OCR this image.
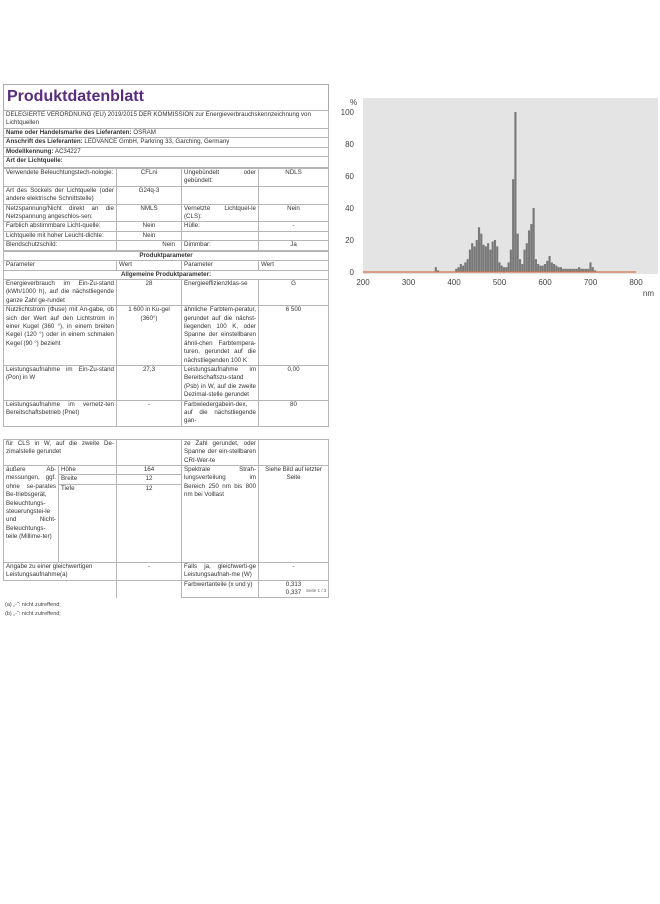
Produktdatenblatt
DELEGIERTE VERORDNUNG (EU) 2019/2015 DER KOMMISSION zur Energieverbrauchskennzeichnung von Lichtquellen
Name oder Handelsmarke des Lieferanten: OSRAM
Anschrift des Lieferanten: LEDVANCE GmbH, Parkring 33, Garching, Germany
Modellkennung: AC34227
Art der Lichtquelle:
Verwendete Beleuchtungstech-nologie:	CFLni	Ungebündelt oder gebündelt:	NDLS
Art des Sockels der Lichtquelle (oder andere elektrische Schnittstelle)	G24q-3		
Netzspannung/Nicht direkt an die Netzspannung angeschlos-sen:	NMLS	Vernetzte Lichtquel-le (CLS):	Nein
Farblich abstimmbare Licht-quelle:	Nein	Hülle:	-
Lichtquelle mit hoher Leucht-dichte:	Nein		
Blendschutzschild:	Nein	Dimmbar:	Ja
Produktparameter			
Parameter	Wert	Parameter	Wert
Allgemeine Produktparameter:			
Energieverbrauch im Ein-Zu-stand (kWh/1000 h), auf die nächstliegende ganze Zahl ge-rundet	28	Energieeffizienzklas-se	G
Nutzlichtstrom (Φuse) mit An-gabe, ob sich der Wert auf den Lichtstrom in einer Kugel (360 °), in einem breiten Kegel (120 °) oder in einem schmalen Kegel (90 °) bezieht	1 600 in Ku-gel (360°)	ähnliche Farbtem-peratur, gerundet auf die nächst-liegenden 100 K, oder Spanne der einstellbaren ähnli-chen Farbtempera-turen, gerundet auf die nächstliegenden 100 K	6 500
Leistungsaufnahme im Ein-Zu-stand (Pon) in W	27,3	Leistungsaufnahme im Bereitschaftszu-stand (Psb) in W, auf die zweite Dezimal-stelle gerundet	0,00
Leistungsaufnahme im vernetz-ten Bereitschaftsbetrieb (Pnet)	-	Farbwiedergabein-dex, auf die nächstliegende gan-	80
für CLS in W, auf die zweite De-zimalstelle gerundet			ze Zahl gerundet, oder Spanne der ein-stellbaren CRI-Wer-te	
äußere Ab-messungen, ggf. ohne se-parates Be-triebsgerät, Beleuchtungs-steuerungstei-le und Nicht-Beleuchtungs-teile (Millime-ter)	Höhe	164	Spektrale Strah-lungsverteilung im Bereich 250 nm bis 800 nm bei Volllast	Siehe Bild auf letzter Seite
	Breite	12		
	Tiefe	12		
Angabe zu einer gleichwertigen Leistungsaufnahme(a)		-	Falls ja, gleichwerti-ge Leistungsaufnah-me (W)	-
			Farbwertanteile (x und y)	0,313
0,337
(a) „-“: nicht zutreffend;
(b) „-“: nicht zutreffend;
Seite 1 / 3
%
0
20
40
60
80
100
200	300	400	500	600	700	800
nm
